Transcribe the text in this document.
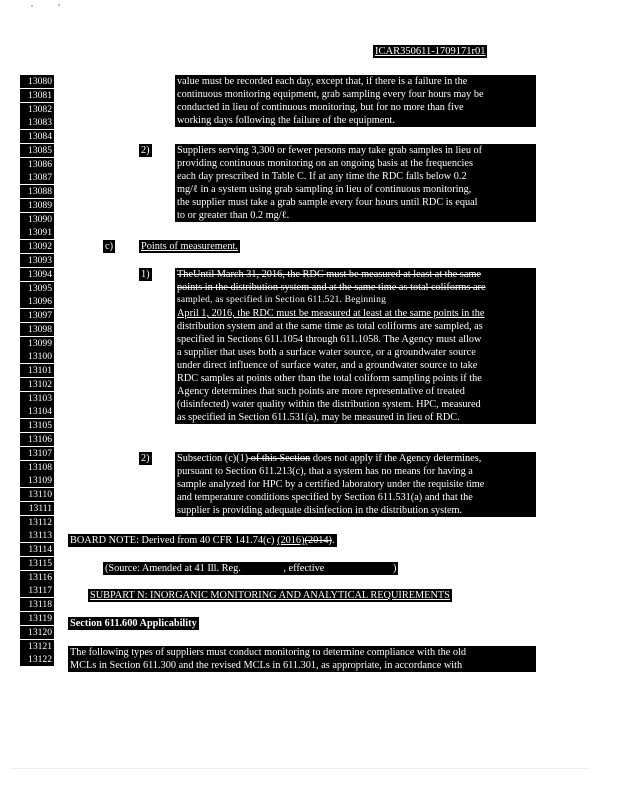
ICAR350611-1709171r01
13080
13081
13082
13083
13084
13085
13086
13087
13088
13089
13090
13091
13092
13093
13094
13095
13096
13097
13098
13099
13100
13101
13102
13103
13104
13105
13106
13107
13108
13109
13110
13111
13112
13113
13114
13115
13116
13117
13118
13119
13120
13121
13122
value must be recorded each day, except that, if there is a failure in the
continuous monitoring equipment, grab sampling every four hours may be
conducted in lieu of continuous monitoring, but for no more than five
working days following the failure of the equipment.
2)	Suppliers serving 3,300 or fewer persons may take grab samples in lieu of
providing continuous monitoring on an ongoing basis at the frequencies
each day prescribed in Table C. If at any time the RDC falls below 0.2
mg/ℓ in a system using grab sampling in lieu of continuous monitoring,
the supplier must take a grab sample every four hours until RDC is equal
to or greater than 0.2 mg/ℓ.
c)	Points of measurement.
1)	TheUntil March 31, 2016, the RDC must be measured at least at the same
points in the distribution system and at the same time as total coliforms are
sampled, as specified in Section 611.521. Beginning
April 1, 2016, the RDC must be measured at least at the same points in the
distribution system and at the same time as total coliforms are sampled, as
specified in Sections 611.1054 through 611.1058. The Agency must allow
a supplier that uses both a surface water source, or a groundwater source
under direct influence of surface water, and a groundwater source to take
RDC samples at points other than the total coliform sampling points if the
Agency determines that such points are more representative of treated
(disinfected) water quality within the distribution system. HPC, measured
as specified in Section 611.531(a), may be measured in lieu of RDC.
2)	Subsection (c)(1) of this Section does not apply if the Agency determines,
pursuant to Section 611.213(c), that a system has no means for having a
sample analyzed for HPC by a certified laboratory under the requisite time
and temperature conditions specified by Section 611.531(a) and that the
supplier is providing adequate disinfection in the distribution system.
BOARD NOTE: Derived from 40 CFR 141.74(c) (2016)(2014).
(Source: Amended at 41 Ill. Reg.	, effective	)
SUBPART N: INORGANIC MONITORING AND ANALYTICAL REQUIREMENTS
Section 611.600 Applicability
The following types of suppliers must conduct monitoring to determine compliance with the old
MCLs in Section 611.300 and the revised MCLs in 611.301, as appropriate, in accordance with
